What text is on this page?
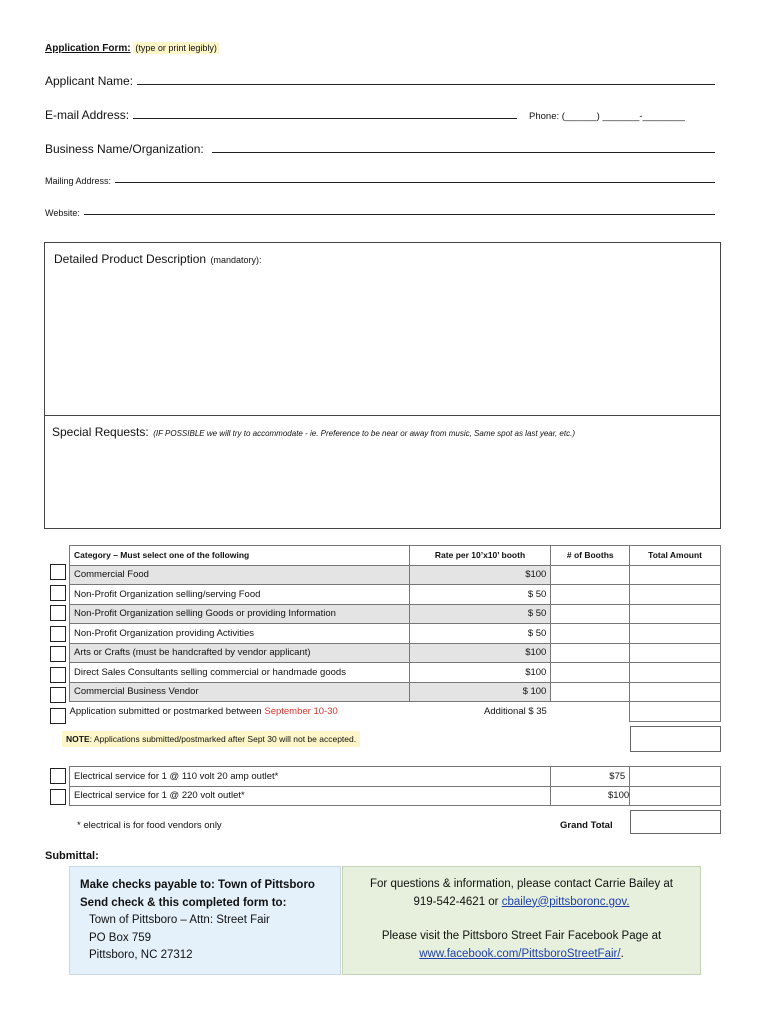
Application Form: (type or print legibly)
Applicant Name:
E-mail Address:	Phone: (______) _______-________
Business Name/Organization:
Mailing Address:
Website:
Detailed Product Description (mandatory):
Special Requests: (IF POSSIBLE we will try to accommodate - ie. Preference to be near or away from music, Same spot as last year, etc.)
Category – Must select one of the following	Rate per 10’x10’ booth	# of Booths	Total Amount
Commercial Food	$100		
Non-Profit Organization selling/serving Food	$ 50		
Non-Profit Organization selling Goods or providing Information	$ 50		
Non-Profit Organization providing Activities	$ 50		
Arts or Crafts (must be handcrafted by vendor applicant)	$100		
Direct Sales Consultants selling commercial or handmade goods	$100		
Commercial Business Vendor	$ 100		
Application submitted or postmarked between September 10-30	Additional $ 35		
NOTE: Applications submitted/postmarked after Sept 30 will not be accepted.
Electrical service for 1 @ 110 volt 20 amp outlet*	$75	
Electrical service for 1 @ 220 volt outlet*	$100	
* electrical is for food vendors only	Grand Total
Submittal:
Make checks payable to: Town of Pittsboro
Send check & this completed form to:
Town of Pittsboro – Attn: Street Fair
PO Box 759
Pittsboro, NC 27312
For questions & information, please contact Carrie Bailey at
919-542-4621 or cbailey@pittsboronc.gov.
Please visit the Pittsboro Street Fair Facebook Page at
www.facebook.com/PittsboroStreetFair/.
